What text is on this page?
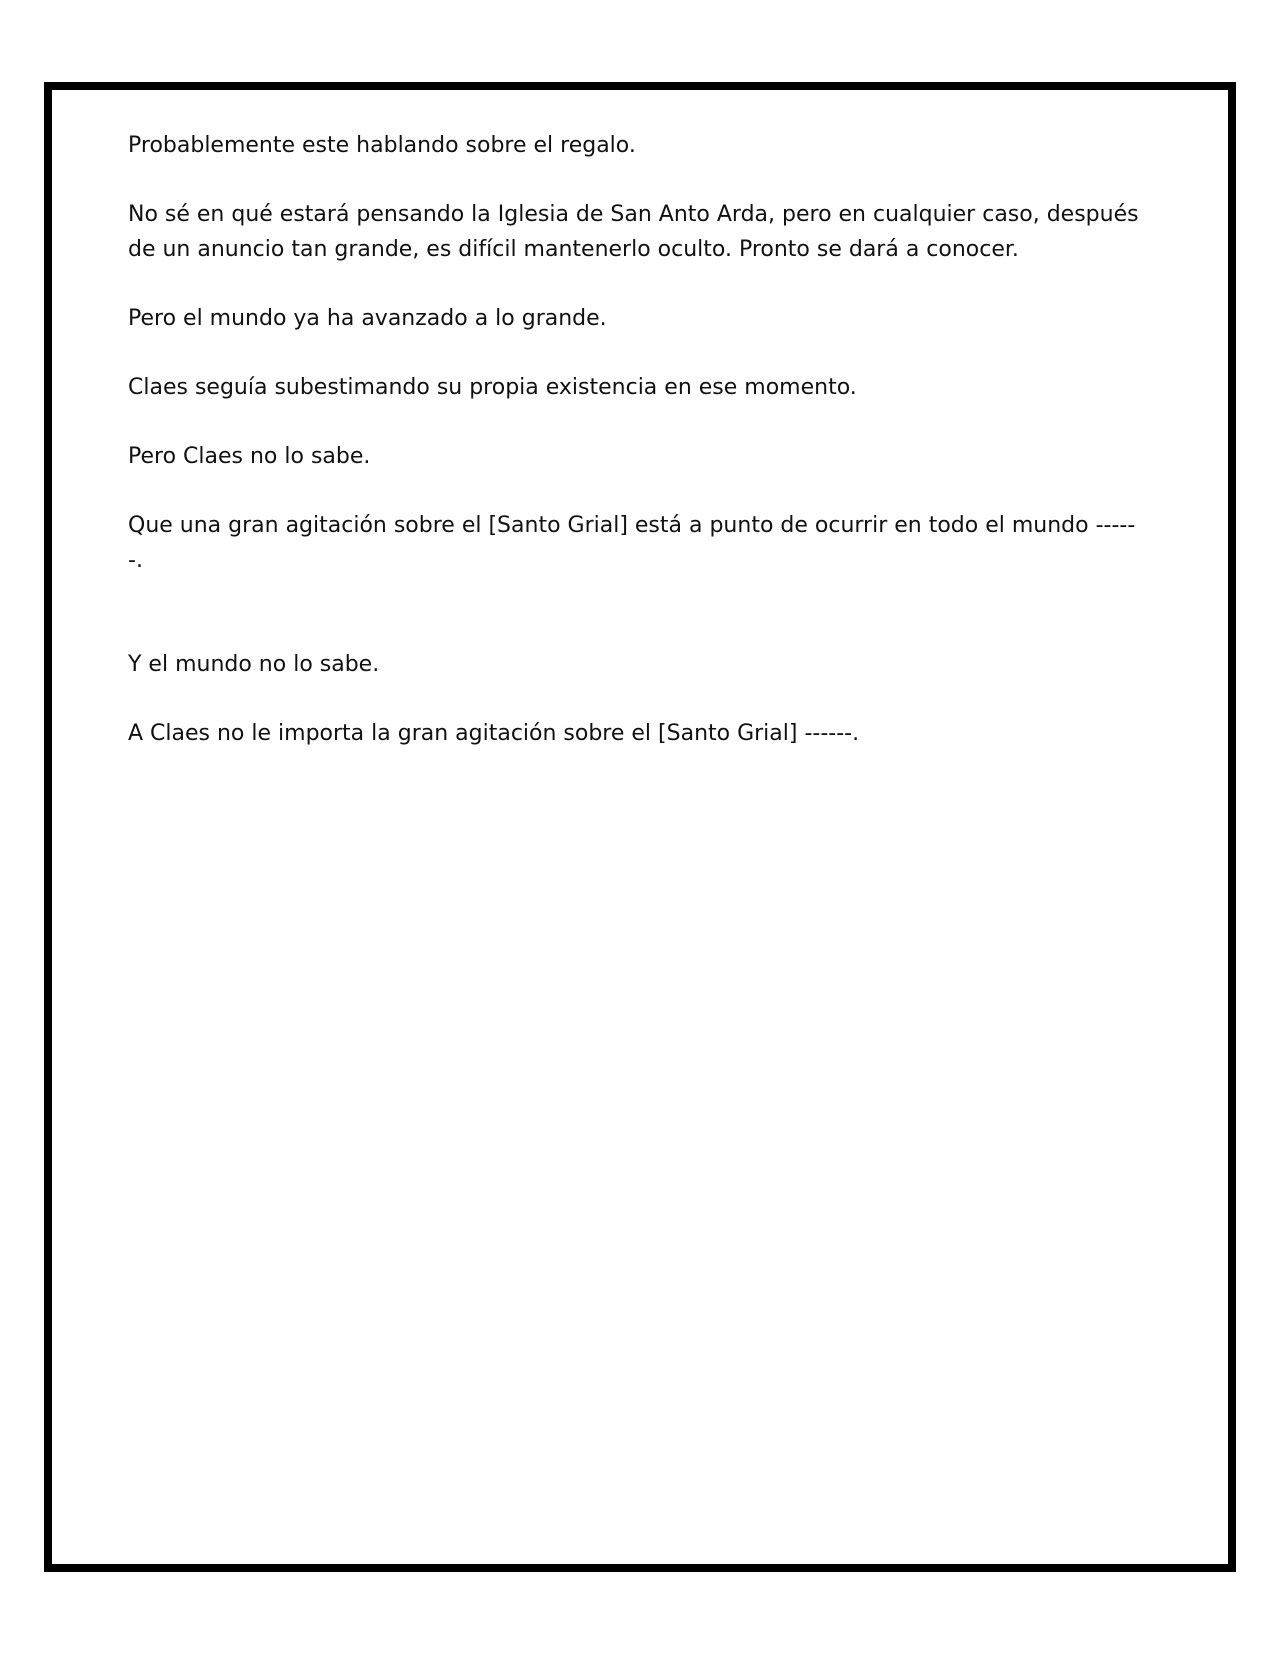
Probablemente este hablando sobre el regalo.

No sé en qué estará pensando la Iglesia de San Anto Arda, pero en cualquier caso, después de un anuncio tan grande, es difícil mantenerlo oculto. Pronto se dará a conocer.

Pero el mundo ya ha avanzado a lo grande.

Claes seguía subestimando su propia existencia en ese momento.

Pero Claes no lo sabe.

Que una gran agitación sobre el [Santo Grial] está a punto de ocurrir en todo el mundo ------.

Y el mundo no lo sabe.

A Claes no le importa la gran agitación sobre el [Santo Grial] ------.
